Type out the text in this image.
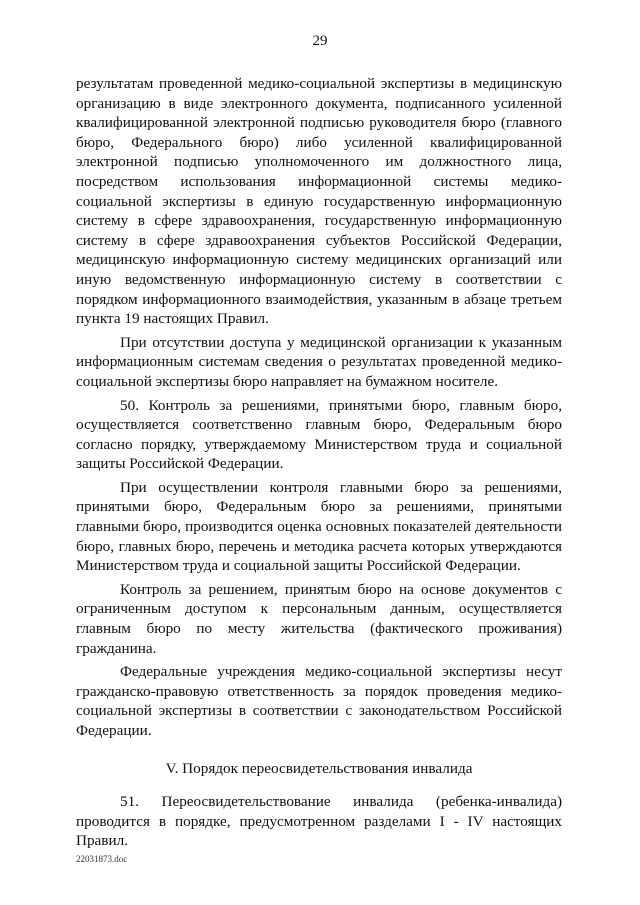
29

результатам проведенной медико-социальной экспертизы в медицинскую организацию в виде электронного документа, подписанного усиленной квалифицированной электронной подписью руководителя бюро (главного бюро, Федерального бюро) либо усиленной квалифицированной электронной подписью уполномоченного им должностного лица, посредством использования информационной системы медико-социальной экспертизы в единую государственную информационную систему в сфере здравоохранения, государственную информационную систему в сфере здравоохранения субъектов Российской Федерации, медицинскую информационную систему медицинских организаций или иную ведомственную информационную систему в соответствии с порядком информационного взаимодействия, указанным в абзаце третьем пункта 19 настоящих Правил.

При отсутствии доступа у медицинской организации к указанным информационным системам сведения о результатах проведенной медико-социальной экспертизы бюро направляет на бумажном носителе.

50. Контроль за решениями, принятыми бюро, главным бюро, осуществляется соответственно главным бюро, Федеральным бюро согласно порядку, утверждаемому Министерством труда и социальной защиты Российской Федерации.

При осуществлении контроля главными бюро за решениями, принятыми бюро, Федеральным бюро за решениями, принятыми главными бюро, производится оценка основных показателей деятельности бюро, главных бюро, перечень и методика расчета которых утверждаются Министерством труда и социальной защиты Российской Федерации.

Контроль за решением, принятым бюро на основе документов с ограниченным доступом к персональным данным, осуществляется главным бюро по месту жительства (фактического проживания) гражданина.

Федеральные учреждения медико-социальной экспертизы несут гражданско-правовую ответственность за порядок проведения медико-социальной экспертизы в соответствии с законодательством Российской Федерации.

V. Порядок переосвидетельствования инвалида

51. Переосвидетельствование инвалида (ребенка-инвалида) проводится в порядке, предусмотренном разделами I - IV настоящих Правил.

22031873.doc
